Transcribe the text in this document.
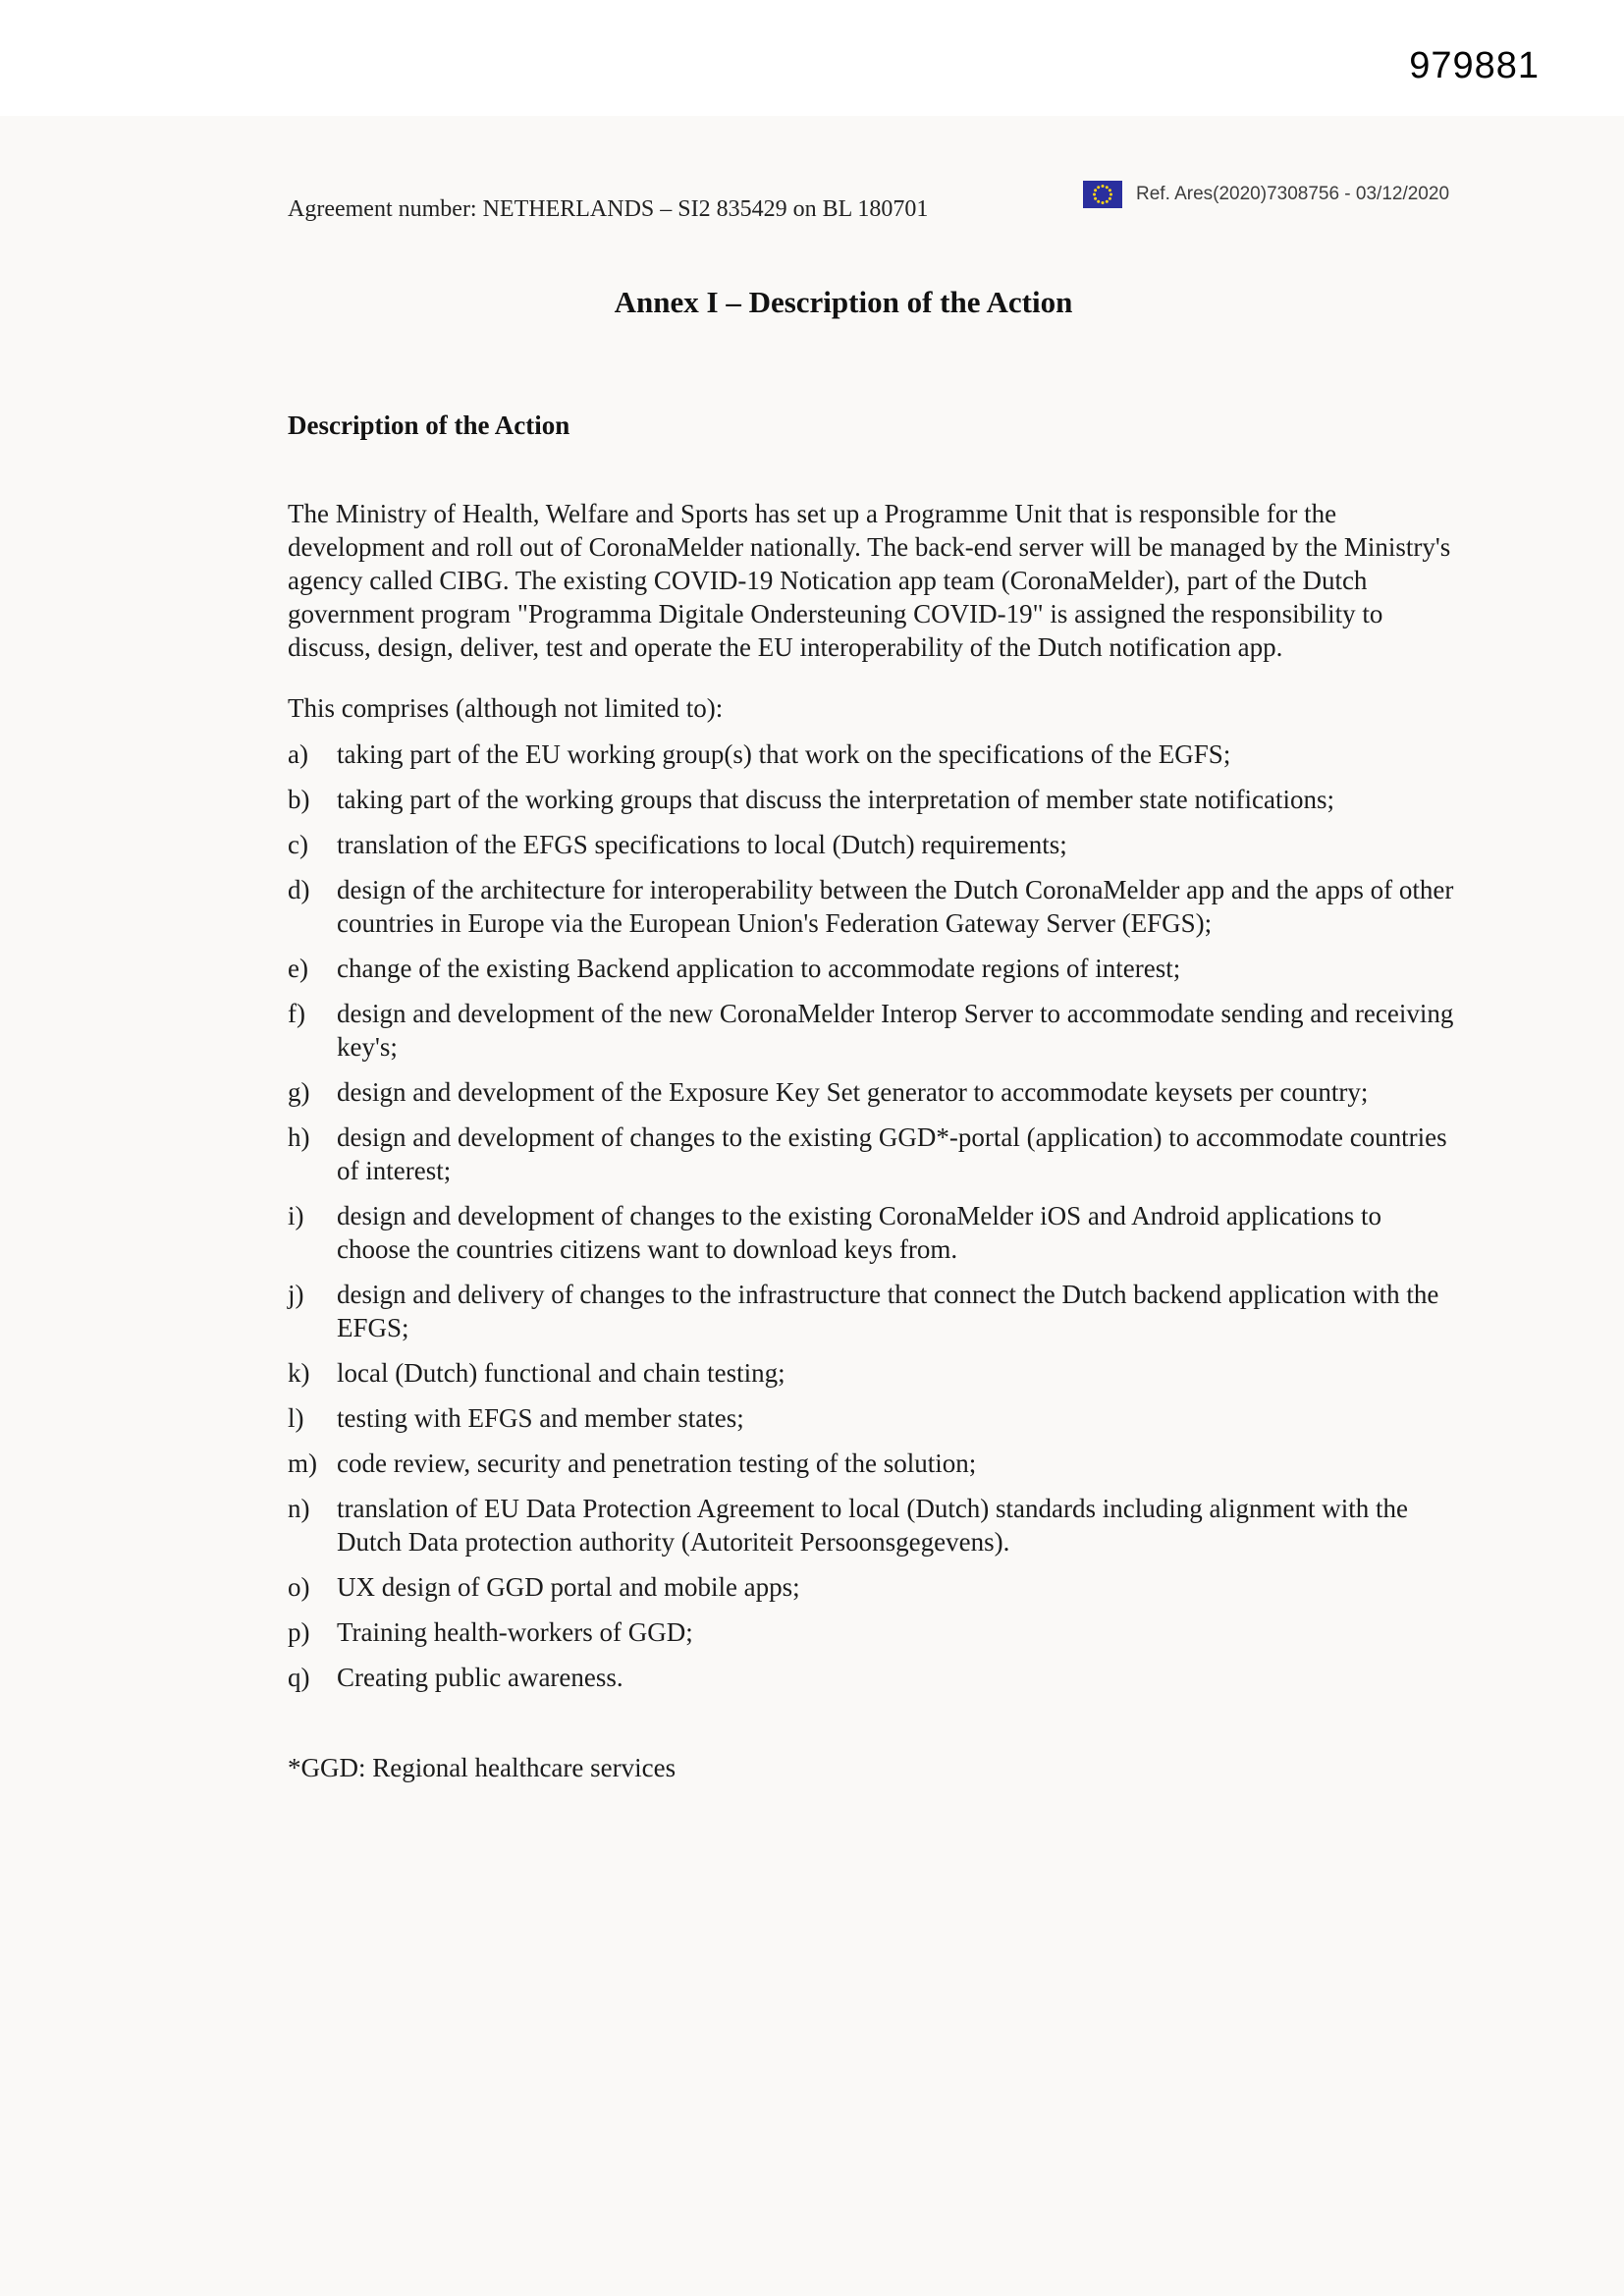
979881
Agreement number: NETHERLANDS – SI2 835429 on BL 180701
Ref. Ares(2020)7308756 - 03/12/2020
Annex I – Description of the Action
Description of the Action

The Ministry of Health, Welfare and Sports has set up a Programme Unit that is responsible for the development and roll out of CoronaMelder nationally. The back-end server will be managed by the Ministry's agency called CIBG. The existing COVID-19 Notication app team (CoronaMelder), part of the Dutch government program "Programma Digitale Ondersteuning COVID-19" is assigned the responsibility to discuss, design, deliver, test and operate the EU interoperability of the Dutch notification app.

This comprises (although not limited to):

a)	taking part of the EU working group(s) that work on the specifications of the EGFS;
b)	taking part of the working groups that discuss the interpretation of member state notifications;
c)	translation of the EFGS specifications to local (Dutch) requirements;
d)	design of the architecture for interoperability between the Dutch CoronaMelder app and the apps of other countries in Europe via the European Union's Federation Gateway Server (EFGS);
e)	change of the existing Backend application to accommodate regions of interest;
f)	design and development of the new CoronaMelder Interop Server to accommodate sending and receiving key's;
g)	design and development of the Exposure Key Set generator to accommodate keysets per country;
h)	design and development of changes to the existing GGD*-portal (application) to accommodate countries of interest;
i)	design and development of changes to the existing CoronaMelder iOS and Android applications to choose the countries citizens want to download keys from.
j)	design and delivery of changes to the infrastructure that connect the Dutch backend application with the EFGS;
k)	local (Dutch) functional and chain testing;
l)	testing with EFGS and member states;
m) code review, security and penetration testing of the solution;
n)	translation of EU Data Protection Agreement to local (Dutch) standards including alignment with the Dutch Data protection authority (Autoriteit Persoonsgegevens).
o)	UX design of GGD portal and mobile apps;
p)	Training health-workers of GGD;
q)	Creating public awareness.

*GGD: Regional healthcare services
